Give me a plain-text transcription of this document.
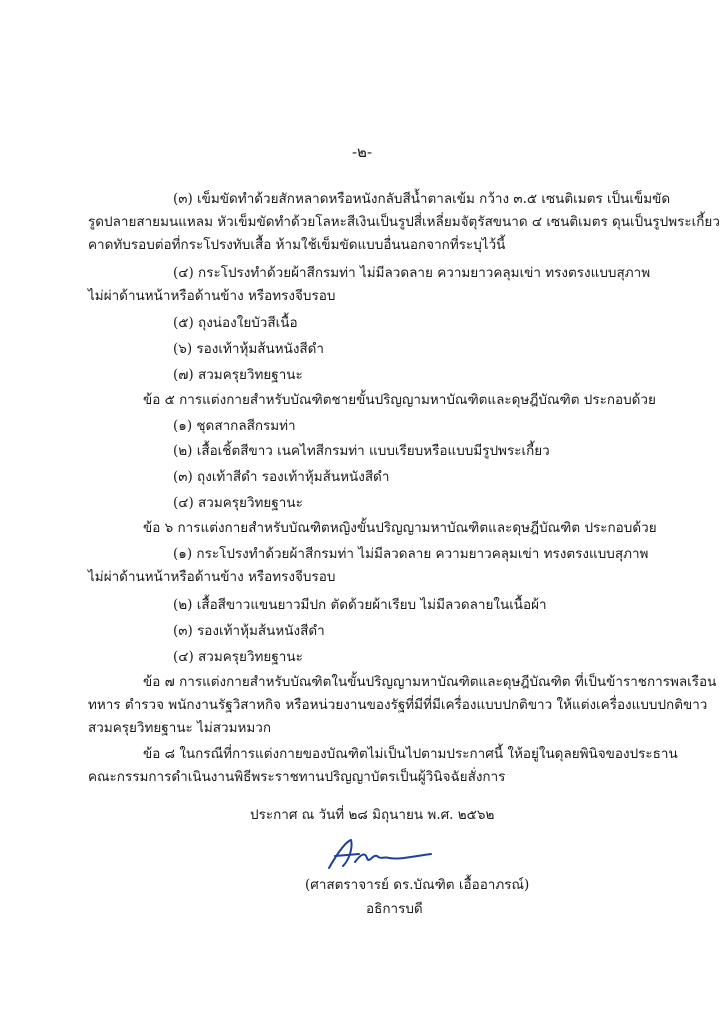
-๒-
(๓) เข็มขัดทำด้วยสักหลาดหรือหนังกลับสีน้ำตาลเข้ม กว้าง ๓.๕ เซนติเมตร เป็นเข็มขัด
รูดปลายสายมนแหลม หัวเข็มขัดทำด้วยโลหะสีเงินเป็นรูปสี่เหลี่ยมจัตุรัสขนาด ๔ เซนติเมตร ดุนเป็นรูปพระเกี้ยว
คาดทับรอบต่อที่กระโปรงทับเสื้อ ห้ามใช้เข็มขัดแบบอื่นนอกจากที่ระบุไว้นี้
(๔) กระโปรงทำด้วยผ้าสีกรมท่า ไม่มีลวดลาย ความยาวคลุมเข่า ทรงตรงแบบสุภาพ
ไม่ผ่าด้านหน้าหรือด้านข้าง หรือทรงจีบรอบ
(๕) ถุงน่องใยบัวสีเนื้อ
(๖) รองเท้าหุ้มส้นหนังสีดำ
(๗) สวมครุยวิทยฐานะ
ข้อ ๕ การแต่งกายสำหรับบัณฑิตชายขั้นปริญญามหาบัณฑิตและดุษฎีบัณฑิต ประกอบด้วย
(๑) ชุดสากลสีกรมท่า
(๒) เสื้อเชิ้ตสีขาว เนคไทสีกรมท่า แบบเรียบหรือแบบมีรูปพระเกี้ยว
(๓) ถุงเท้าสีดำ รองเท้าหุ้มส้นหนังสีดำ
(๔) สวมครุยวิทยฐานะ
ข้อ ๖ การแต่งกายสำหรับบัณฑิตหญิงขั้นปริญญามหาบัณฑิตและดุษฎีบัณฑิต ประกอบด้วย
(๑) กระโปรงทำด้วยผ้าสีกรมท่า ไม่มีลวดลาย ความยาวคลุมเข่า ทรงตรงแบบสุภาพ
ไม่ผ่าด้านหน้าหรือด้านข้าง หรือทรงจีบรอบ
(๒) เสื้อสีขาวแขนยาวมีปก ตัดด้วยผ้าเรียบ ไม่มีลวดลายในเนื้อผ้า
(๓) รองเท้าหุ้มส้นหนังสีดำ
(๔) สวมครุยวิทยฐานะ
ข้อ ๗ การแต่งกายสำหรับบัณฑิตในขั้นปริญญามหาบัณฑิตและดุษฎีบัณฑิต ที่เป็นข้าราชการพลเรือน
ทหาร ตำรวจ พนักงานรัฐวิสาหกิจ หรือหน่วยงานของรัฐที่มีที่มีเครื่องแบบปกติขาว ให้แต่งเครื่องแบบปกติขาว
สวมครุยวิทยฐานะ ไม่สวมหมวก
ข้อ ๘ ในกรณีที่การแต่งกายของบัณฑิตไม่เป็นไปตามประกาศนี้ ให้อยู่ในดุลยพินิจของประธาน
คณะกรรมการดำเนินงานพิธีพระราชทานปริญญาบัตรเป็นผู้วินิจฉัยสั่งการ
ประกาศ ณ วันที่ ๒๘ มิถุนายน พ.ศ. ๒๕๖๒
(ศาสตราจารย์ ดร.บัณฑิต เอื้ออาภรณ์)
อธิการบดี
